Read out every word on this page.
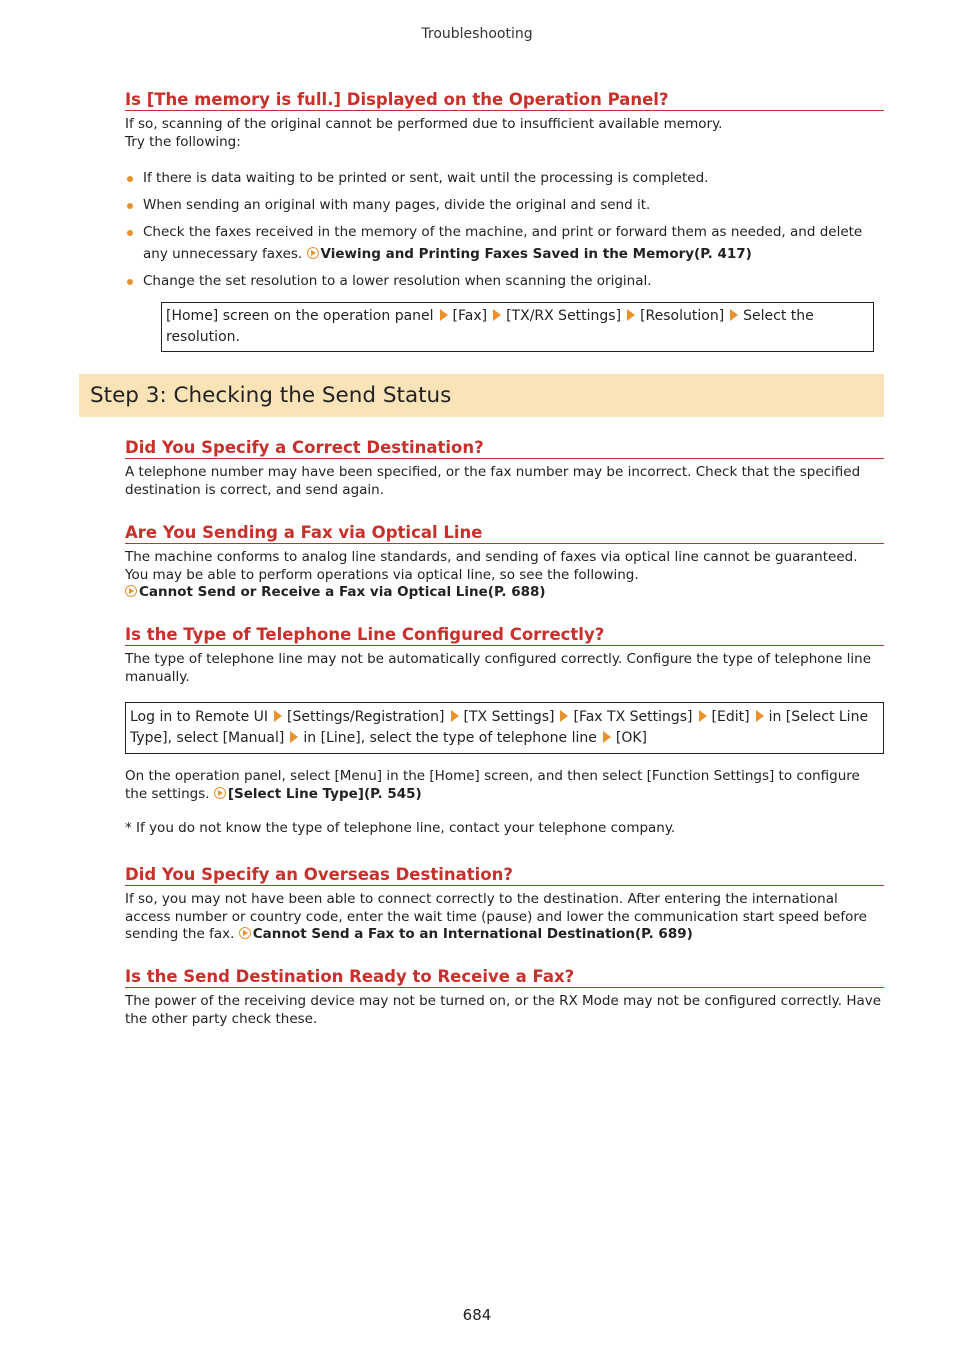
Troubleshooting
Is [The memory is full.] Displayed on the Operation Panel?

If so, scanning of the original cannot be performed due to insufficient available memory.

Try the following:

If there is data waiting to be printed or sent, wait until the processing is completed.
When sending an original with many pages, divide the original and send it.
Check the faxes received in the memory of the machine, and print or forward them as needed, and delete any unnecessary faxes. Viewing and Printing Faxes Saved in the Memory(P. 417)
Change the set resolution to a lower resolution when scanning the original.
[Home] screen on the operation panel [Fax] [TX/RX Settings] [Resolution] Select the resolution.
Step 3: Checking the Send Status
Did You Specify a Correct Destination?

A telephone number may have been specified, or the fax number may be incorrect. Check that the specified destination is correct, and send again.

Are You Sending a Fax via Optical Line

The machine conforms to analog line standards, and sending of faxes via optical line cannot be guaranteed. You may be able to perform operations via optical line, so see the following.

Cannot Send or Receive a Fax via Optical Line(P. 688)

Is the Type of Telephone Line Configured Correctly?

The type of telephone line may not be automatically configured correctly. Configure the type of telephone line manually.

Log in to Remote UI [Settings/Registration] [TX Settings] [Fax TX Settings] [Edit] in [Select Line Type], select [Manual] in [Line], select the type of telephone line [OK]

On the operation panel, select [Menu] in the [Home] screen, and then select [Function Settings] to configure the settings. [Select Line Type](P. 545)

* If you do not know the type of telephone line, contact your telephone company.

Did You Specify an Overseas Destination?

If so, you may not have been able to connect correctly to the destination. After entering the international access number or country code, enter the wait time (pause) and lower the communication start speed before sending the fax. Cannot Send a Fax to an International Destination(P. 689)

Is the Send Destination Ready to Receive a Fax?

The power of the receiving device may not be turned on, or the RX Mode may not be configured correctly. Have the other party check these.

684
